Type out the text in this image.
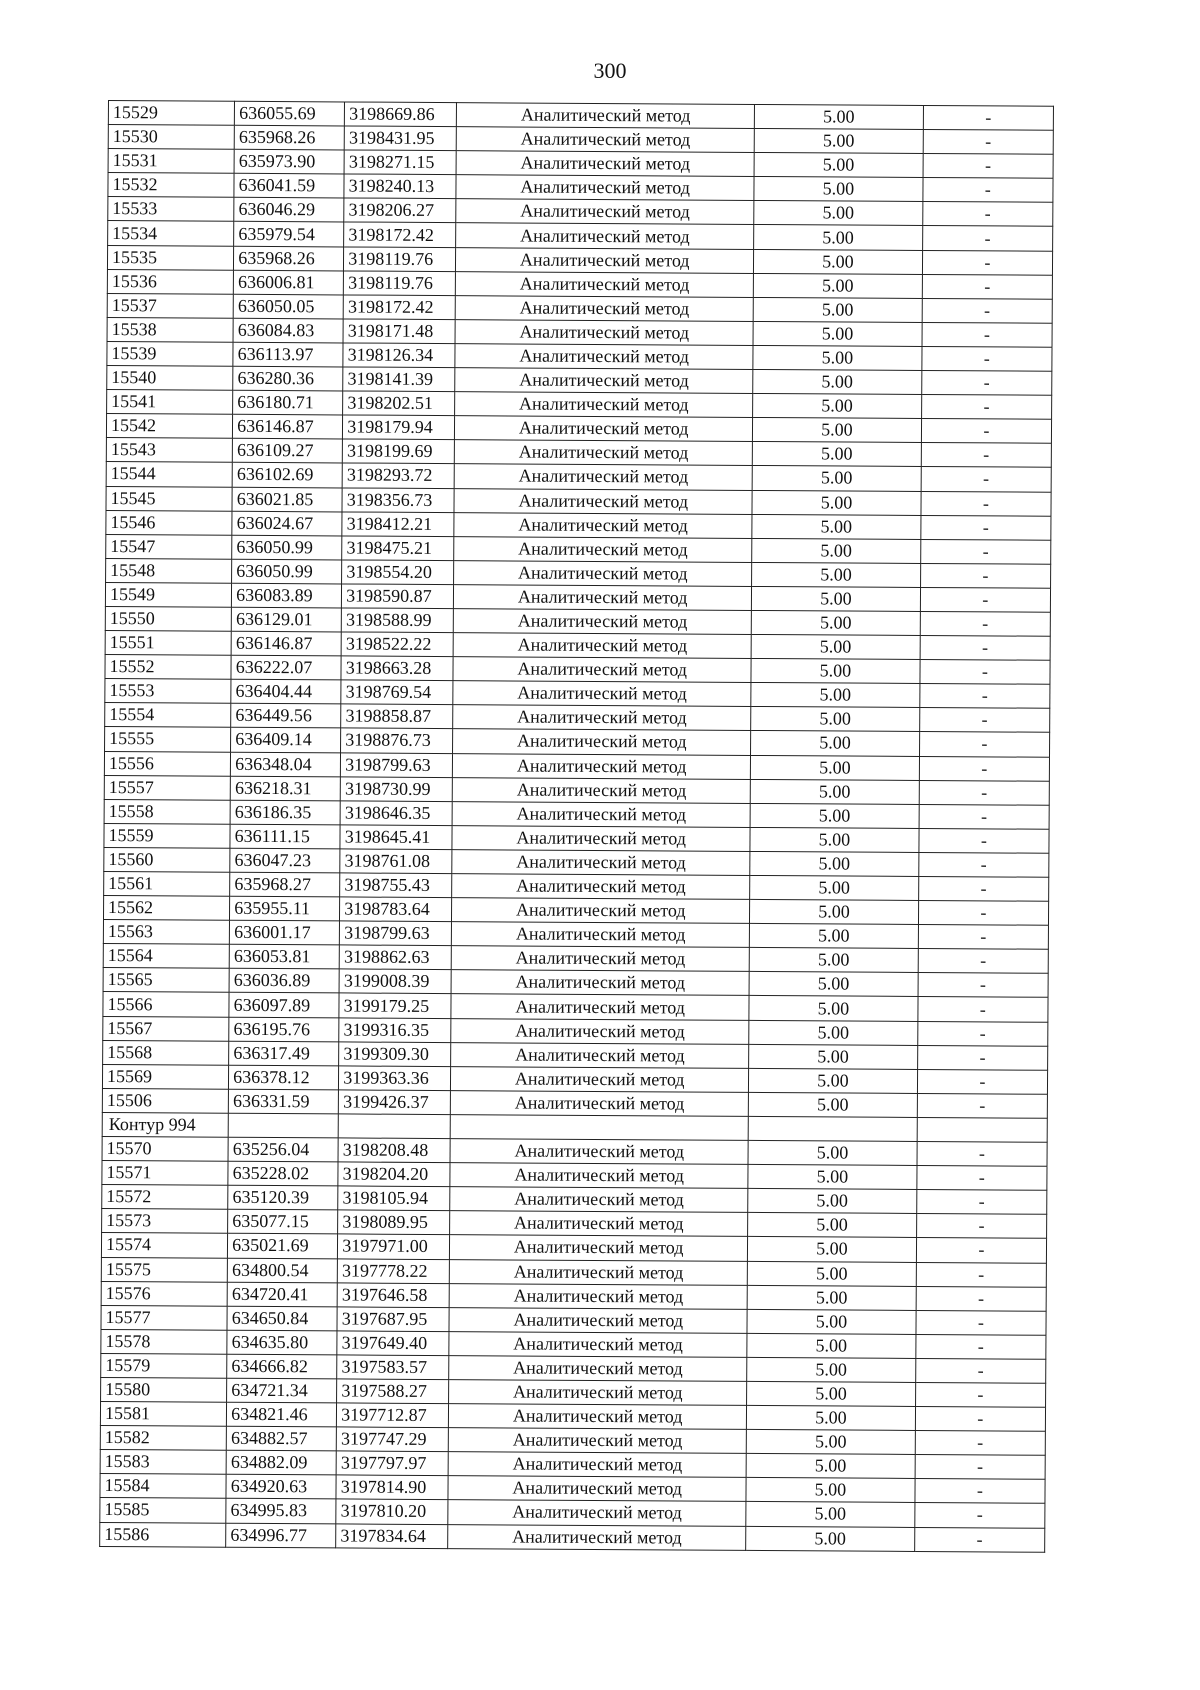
300
15529	636055.69	3198669.86	Аналитический метод	5.00	-
15530	635968.26	3198431.95	Аналитический метод	5.00	-
15531	635973.90	3198271.15	Аналитический метод	5.00	-
15532	636041.59	3198240.13	Аналитический метод	5.00	-
15533	636046.29	3198206.27	Аналитический метод	5.00	-
15534	635979.54	3198172.42	Аналитический метод	5.00	-
15535	635968.26	3198119.76	Аналитический метод	5.00	-
15536	636006.81	3198119.76	Аналитический метод	5.00	-
15537	636050.05	3198172.42	Аналитический метод	5.00	-
15538	636084.83	3198171.48	Аналитический метод	5.00	-
15539	636113.97	3198126.34	Аналитический метод	5.00	-
15540	636280.36	3198141.39	Аналитический метод	5.00	-
15541	636180.71	3198202.51	Аналитический метод	5.00	-
15542	636146.87	3198179.94	Аналитический метод	5.00	-
15543	636109.27	3198199.69	Аналитический метод	5.00	-
15544	636102.69	3198293.72	Аналитический метод	5.00	-
15545	636021.85	3198356.73	Аналитический метод	5.00	-
15546	636024.67	3198412.21	Аналитический метод	5.00	-
15547	636050.99	3198475.21	Аналитический метод	5.00	-
15548	636050.99	3198554.20	Аналитический метод	5.00	-
15549	636083.89	3198590.87	Аналитический метод	5.00	-
15550	636129.01	3198588.99	Аналитический метод	5.00	-
15551	636146.87	3198522.22	Аналитический метод	5.00	-
15552	636222.07	3198663.28	Аналитический метод	5.00	-
15553	636404.44	3198769.54	Аналитический метод	5.00	-
15554	636449.56	3198858.87	Аналитический метод	5.00	-
15555	636409.14	3198876.73	Аналитический метод	5.00	-
15556	636348.04	3198799.63	Аналитический метод	5.00	-
15557	636218.31	3198730.99	Аналитический метод	5.00	-
15558	636186.35	3198646.35	Аналитический метод	5.00	-
15559	636111.15	3198645.41	Аналитический метод	5.00	-
15560	636047.23	3198761.08	Аналитический метод	5.00	-
15561	635968.27	3198755.43	Аналитический метод	5.00	-
15562	635955.11	3198783.64	Аналитический метод	5.00	-
15563	636001.17	3198799.63	Аналитический метод	5.00	-
15564	636053.81	3198862.63	Аналитический метод	5.00	-
15565	636036.89	3199008.39	Аналитический метод	5.00	-
15566	636097.89	3199179.25	Аналитический метод	5.00	-
15567	636195.76	3199316.35	Аналитический метод	5.00	-
15568	636317.49	3199309.30	Аналитический метод	5.00	-
15569	636378.12	3199363.36	Аналитический метод	5.00	-
15506	636331.59	3199426.37	Аналитический метод	5.00	-
Контур 994					
15570	635256.04	3198208.48	Аналитический метод	5.00	-
15571	635228.02	3198204.20	Аналитический метод	5.00	-
15572	635120.39	3198105.94	Аналитический метод	5.00	-
15573	635077.15	3198089.95	Аналитический метод	5.00	-
15574	635021.69	3197971.00	Аналитический метод	5.00	-
15575	634800.54	3197778.22	Аналитический метод	5.00	-
15576	634720.41	3197646.58	Аналитический метод	5.00	-
15577	634650.84	3197687.95	Аналитический метод	5.00	-
15578	634635.80	3197649.40	Аналитический метод	5.00	-
15579	634666.82	3197583.57	Аналитический метод	5.00	-
15580	634721.34	3197588.27	Аналитический метод	5.00	-
15581	634821.46	3197712.87	Аналитический метод	5.00	-
15582	634882.57	3197747.29	Аналитический метод	5.00	-
15583	634882.09	3197797.97	Аналитический метод	5.00	-
15584	634920.63	3197814.90	Аналитический метод	5.00	-
15585	634995.83	3197810.20	Аналитический метод	5.00	-
15586	634996.77	3197834.64	Аналитический метод	5.00	-
